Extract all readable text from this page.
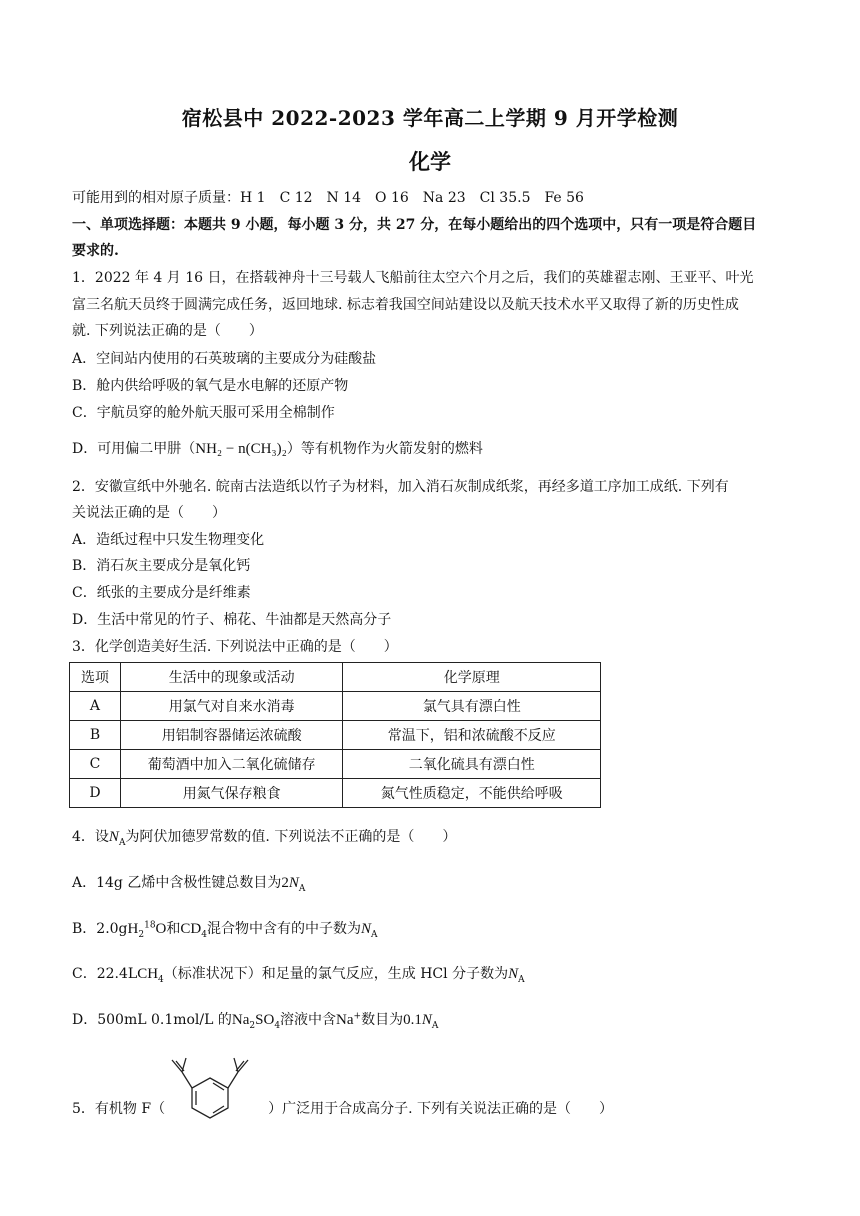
宿松县中 2022-2023 学年高二上学期 9 月开学检测
化学
可能用到的相对原子质量：H 1　C 12　N 14　O 16　Na 23　Cl 35.5　Fe 56
一、单项选择题：本题共 9 小题，每小题 3 分，共 27 分，在每小题给出的四个选项中，只有一项是符合题目
要求的.
1．2022 年 4 月 16 日，在搭载神舟十三号载人飞船前往太空六个月之后，我们的英雄翟志刚、王亚平、叶光
富三名航天员终于圆满完成任务，返回地球. 标志着我国空间站建设以及航天技术水平又取得了新的历史性成
就. 下列说法正确的是（　　）
A．空间站内使用的石英玻璃的主要成分为硅酸盐
B．舱内供给呼吸的氧气是水电解的还原产物
C．宇航员穿的舱外航天服可采用全棉制作
D．可用偏二甲肼（NH₂ − n(CH₃)₂）等有机物作为火箭发射的燃料
2．安徽宣纸中外驰名. 皖南古法造纸以竹子为材料，加入消石灰制成纸浆，再经多道工序加工成纸. 下列有
关说法正确的是（　　）
A．造纸过程中只发生物理变化
B．消石灰主要成分是氧化钙
C．纸张的主要成分是纤维素
D．生活中常见的竹子、棉花、牛油都是天然高分子
3．化学创造美好生活. 下列说法中正确的是（　　）
选项	生活中的现象或活动	化学原理
A	用氯气对自来水消毒	氯气具有漂白性
B	用铝制容器储运浓硫酸	常温下，铝和浓硫酸不反应
C	葡萄酒中加入二氧化硫储存	二氧化硫具有漂白性
D	用氮气保存粮食	氮气性质稳定，不能供给呼吸
4．设$N_A$为阿伏加德罗常数的值. 下列说法不正确的是（　　）
A．14g 乙烯中含极性键总数目为$2N_A$
B．$2.0gH_2^{18}O$和$CD_4$混合物中含有的中子数为$N_A$
C．$22.4LCH_4$（标准状况下）和足量的氯气反应，生成 HCl 分子数为$N_A$
D．500mL 0.1mol/L 的$Na_2SO_4$溶液中含Na+数目为$0.1N_A$
5．有机物 F（	）广泛用于合成高分子. 下列有关说法正确的是（　　）
